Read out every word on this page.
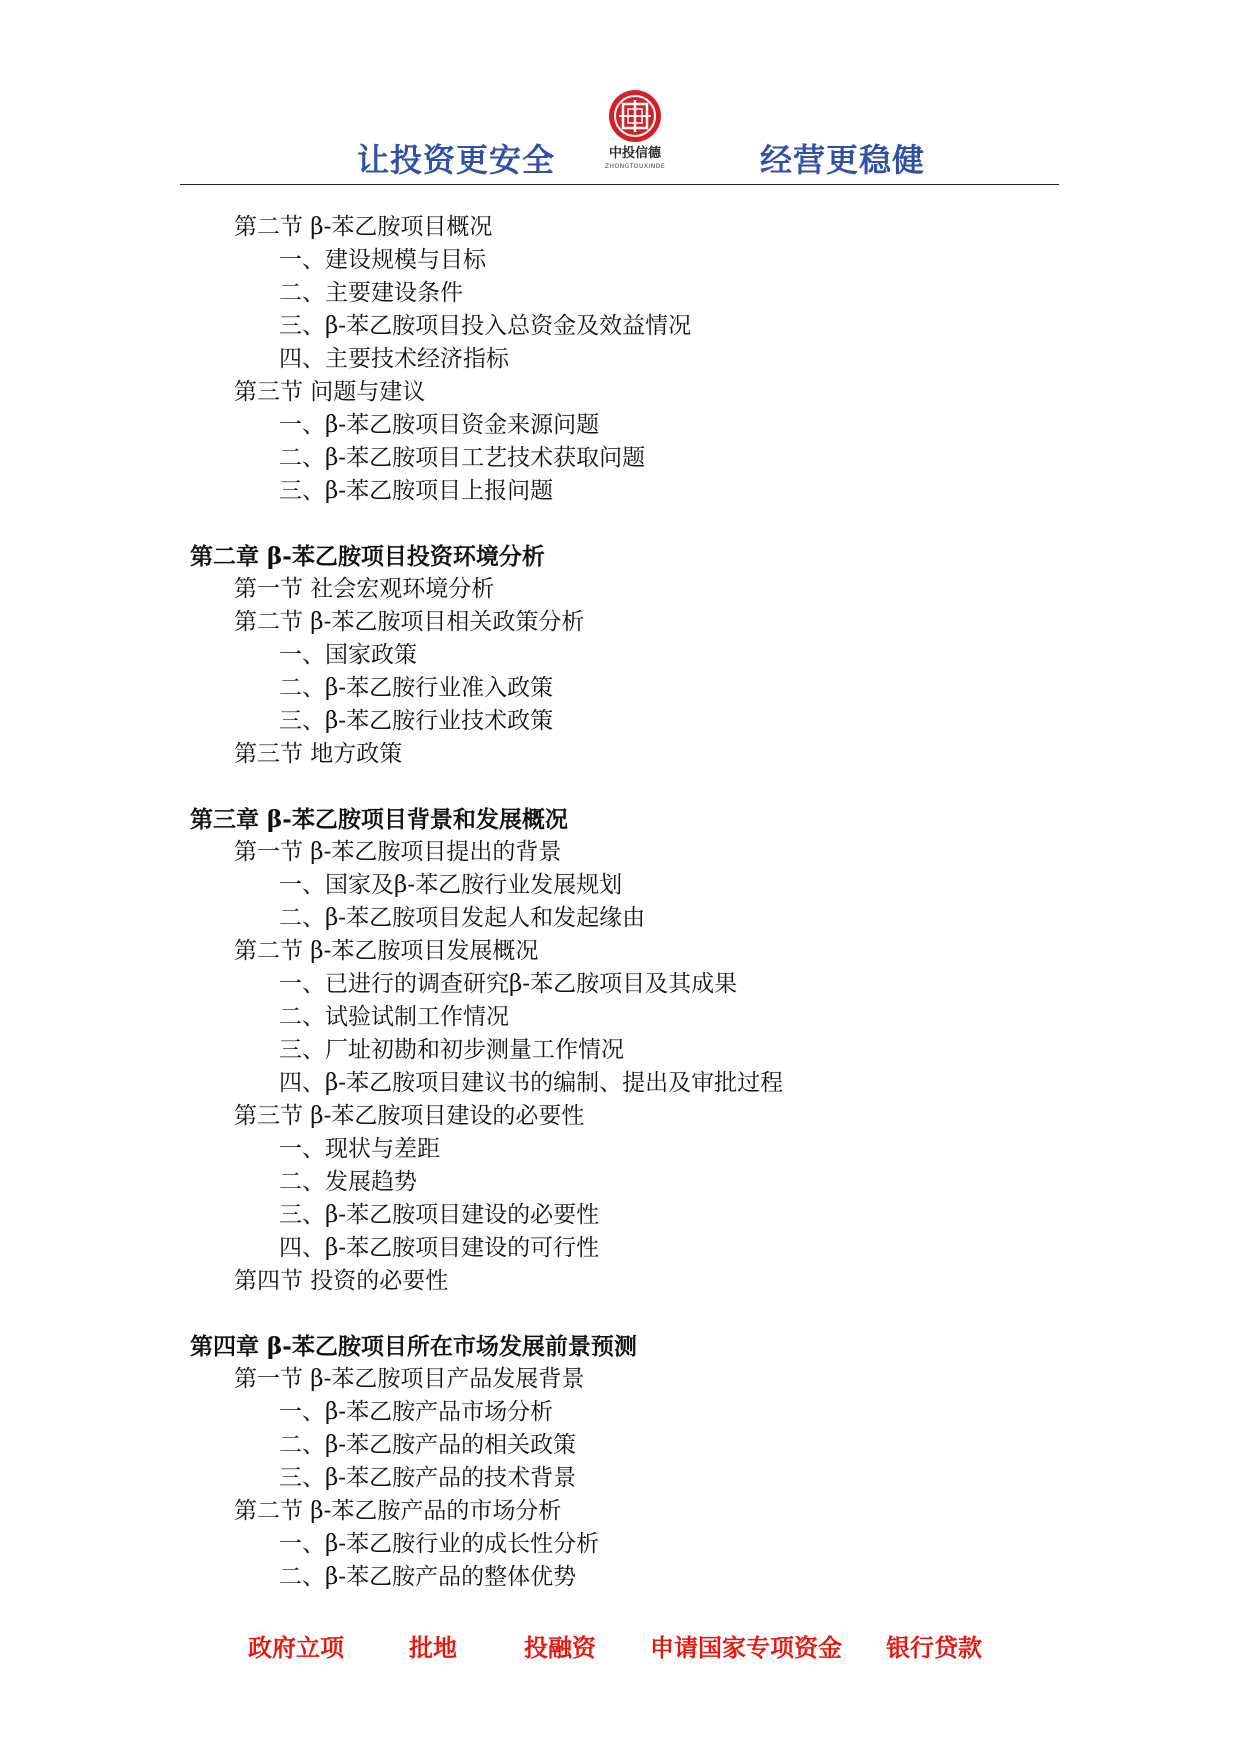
让投资更安全	中投信德
ZHONGTOUXINDE	经营更稳健
第二节 β-苯乙胺项目概况
一、建设规模与目标
二、主要建设条件
三、β-苯乙胺项目投入总资金及效益情况
四、主要技术经济指标
第三节 问题与建议
一、β-苯乙胺项目资金来源问题
二、β-苯乙胺项目工艺技术获取问题
三、β-苯乙胺项目上报问题
第二章 β-苯乙胺项目投资环境分析
第一节 社会宏观环境分析
第二节 β-苯乙胺项目相关政策分析
一、国家政策
二、β-苯乙胺行业准入政策
三、β-苯乙胺行业技术政策
第三节 地方政策
第三章 β-苯乙胺项目背景和发展概况
第一节 β-苯乙胺项目提出的背景
一、国家及β-苯乙胺行业发展规划
二、β-苯乙胺项目发起人和发起缘由
第二节 β-苯乙胺项目发展概况
一、已进行的调查研究β-苯乙胺项目及其成果
二、试验试制工作情况
三、厂址初勘和初步测量工作情况
四、β-苯乙胺项目建议书的编制、提出及审批过程
第三节 β-苯乙胺项目建设的必要性
一、现状与差距
二、发展趋势
三、β-苯乙胺项目建设的必要性
四、β-苯乙胺项目建设的可行性
第四节 投资的必要性
第四章 β-苯乙胺项目所在市场发展前景预测
第一节 β-苯乙胺项目产品发展背景
一、β-苯乙胺产品市场分析
二、β-苯乙胺产品的相关政策
三、β-苯乙胺产品的技术背景
第二节 β-苯乙胺产品的市场分析
一、β-苯乙胺行业的成长性分析
二、β-苯乙胺产品的整体优势
政府立项	批地	投融资 申请国家专项资金 银行贷款
